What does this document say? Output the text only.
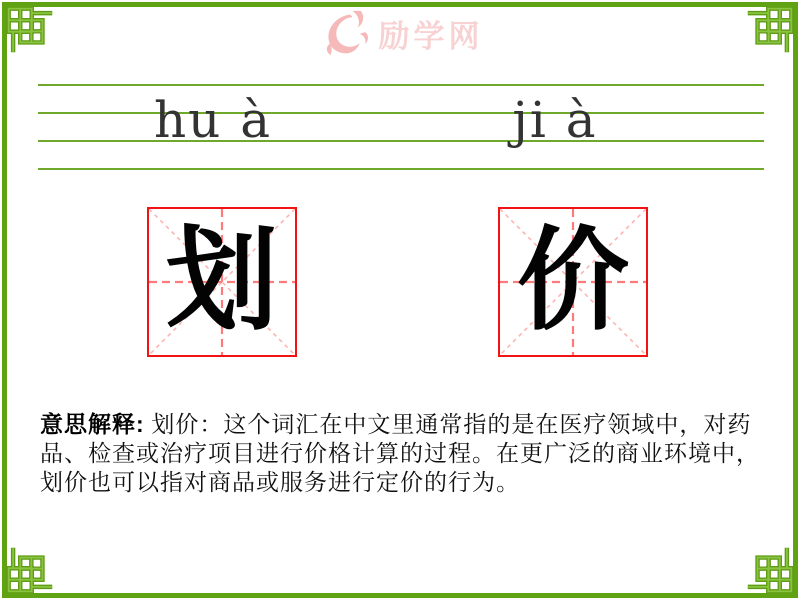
励学网
hu à	ji à
划 价
意思解释: 划价：这个词汇在中文里通常指的是在医疗领域中，对药品、检查或治疗项目进行价格计算的过程。在更广泛的商业环境中，划价也可以指对商品或服务进行定价的行为。
